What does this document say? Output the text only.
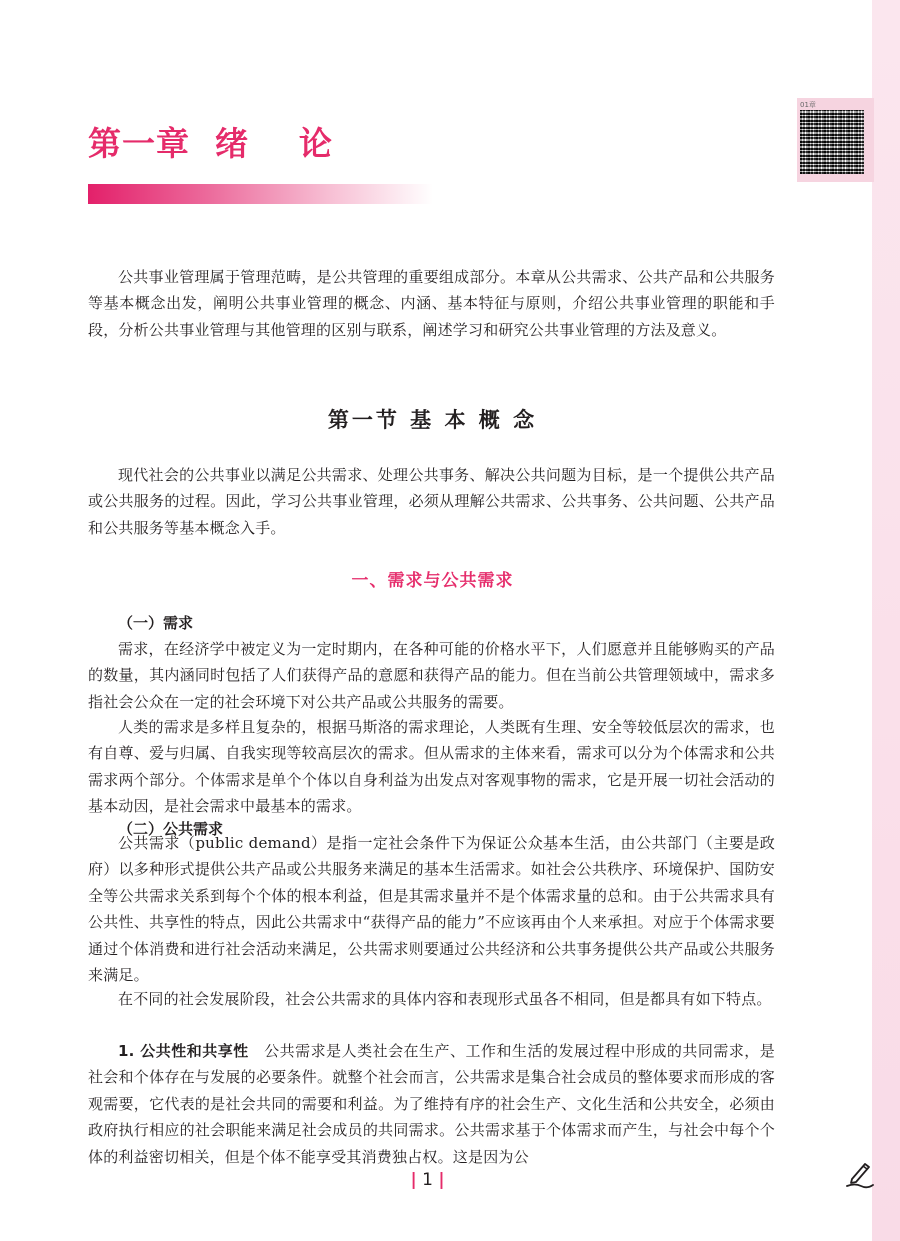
01章
第一章  绪    论

公共事业管理属于管理范畴，是公共管理的重要组成部分。本章从公共需求、公共产品和公共服务等基本概念出发，阐明公共事业管理的概念、内涵、基本特征与原则，介绍公共事业管理的职能和手段，分析公共事业管理与其他管理的区别与联系，阐述学习和研究公共事业管理的方法及意义。

第一节 基 本 概 念

现代社会的公共事业以满足公共需求、处理公共事务、解决公共问题为目标，是一个提供公共产品或公共服务的过程。因此，学习公共事业管理，必须从理解公共需求、公共事务、公共问题、公共产品和公共服务等基本概念入手。

一、需求与公共需求
（一）需求

需求，在经济学中被定义为一定时期内，在各种可能的价格水平下，人们愿意并且能够购买的产品的数量，其内涵同时包括了人们获得产品的意愿和获得产品的能力。但在当前公共管理领域中，需求多指社会公众在一定的社会环境下对公共产品或公共服务的需要。

人类的需求是多样且复杂的，根据马斯洛的需求理论，人类既有生理、安全等较低层次的需求，也有自尊、爱与归属、自我实现等较高层次的需求。但从需求的主体来看，需求可以分为个体需求和公共需求两个部分。个体需求是单个个体以自身利益为出发点对客观事物的需求，它是开展一切社会活动的基本动因，是社会需求中最基本的需求。

（二）公共需求

公共需求（public demand）是指一定社会条件下为保证公众基本生活，由公共部门（主要是政府）以多种形式提供公共产品或公共服务来满足的基本生活需求。如社会公共秩序、环境保护、国防安全等公共需求关系到每个个体的根本利益，但是其需求量并不是个体需求量的总和。由于公共需求具有公共性、共享性的特点，因此公共需求中“获得产品的能力”不应该再由个人来承担。对应于个体需求要通过个体消费和进行社会活动来满足，公共需求则要通过公共经济和公共事务提供公共产品或公共服务来满足。

在不同的社会发展阶段，社会公共需求的具体内容和表现形式虽各不相同，但是都具有如下特点。

1. 公共性和共享性　公共需求是人类社会在生产、工作和生活的发展过程中形成的共同需求，是社会和个体存在与发展的必要条件。就整个社会而言，公共需求是集合社会成员的整体要求而形成的客观需要，它代表的是社会共同的需要和利益。为了维持有序的社会生产、文化生活和公共安全，必须由政府执行相应的社会职能来满足社会成员的共同需求。公共需求基于个体需求而产生，与社会中每个个体的利益密切相关，但是个体不能享受其消费独占权。这是因为公

| 1 |
